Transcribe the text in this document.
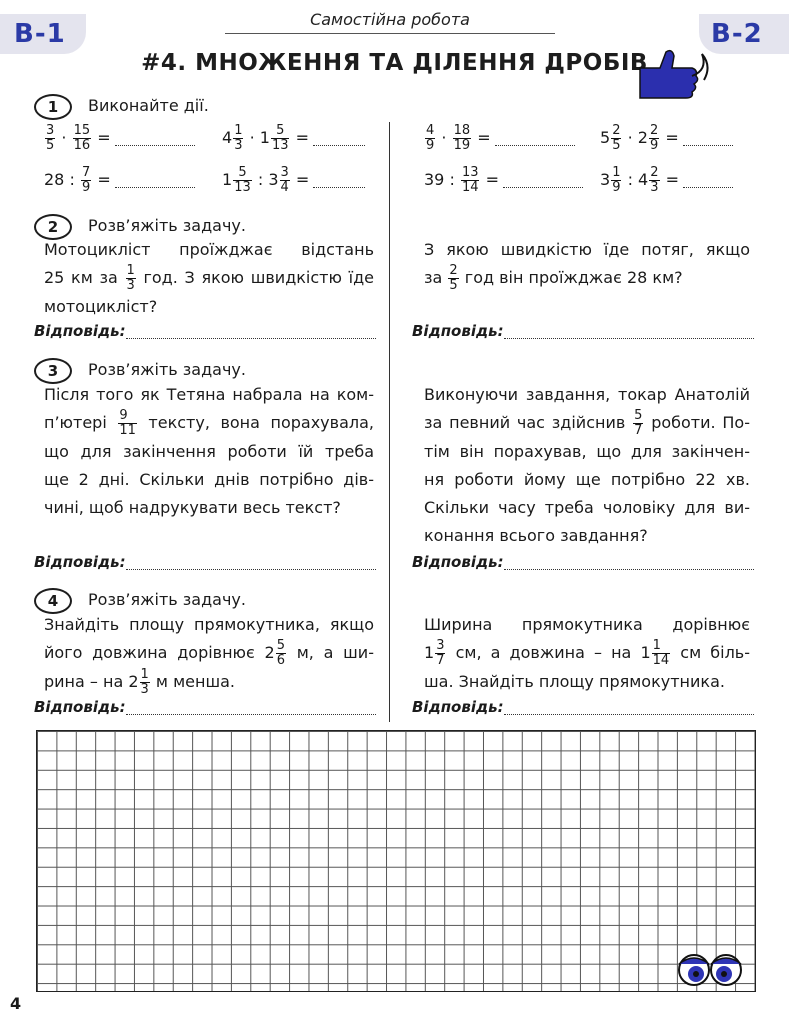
В-1	В-2
Самостійна робота
#4. МНОЖЕННЯ ТА ДІЛЕННЯ ДРОБІВ
1	Виконайте дії.
$\frac{3}{5} \cdot \frac{15}{16}$ =	$4 \frac{1}{3} \cdot 1 \frac{5}{13}$ =
28 : $\frac{7}{9}$ =	$1 \frac{5}{13}$ : $3 \frac{3}{4}$ =
$\frac{4}{9} \cdot \frac{18}{19}$ =	$5 \frac{2}{5} \cdot 2 \frac{2}{9}$ =
39 : $\frac{13}{14}$ =	$3 \frac{1}{9}$ : $4 \frac{2}{3}$ =
2	Розв’яжіть задачу.
Мотоцикліст проїжджає відстань
25 км за $\frac{1}{3}$ год. З якою швидкістю їде
мотоцикліст?
З якою швидкістю їде потяг, якщо
за $\frac{2}{5}$ год він проїжджає 28 км?
Відповідь:	Відповідь:
3	Розв’яжіть задачу.
Після того як Тетяна набрала на ком-
п’ютері $\frac{9}{11}$ тексту, вона порахувала,
що для закінчення роботи їй треба
ще 2 дні. Скільки днів потрібно дів-
чині, щоб надрукувати весь текст?
Виконуючи завдання, токар Анатолій
за певний час здійснив $\frac{5}{7}$ роботи. По-
тім він порахував, що для закінчен-
ня роботи йому ще потрібно 22 хв.
Скільки часу треба чоловіку для ви-
конання всього завдання?
Відповідь:	Відповідь:
4	Розв’яжіть задачу.
Знайдіть площу прямокутника, якщо
його довжина дорівнює $2 \frac{5}{6} м$, а ши-
рина – на $2 \frac{1}{3}$ м менша.
Ширина прямокутника дорівнює
$1 \frac{3}{7}$ см, а довжина – на $1 \frac{1}{14}$ см біль-
ша. Знайдіть площу прямокутника.
Відповідь:	Відповідь:
4
